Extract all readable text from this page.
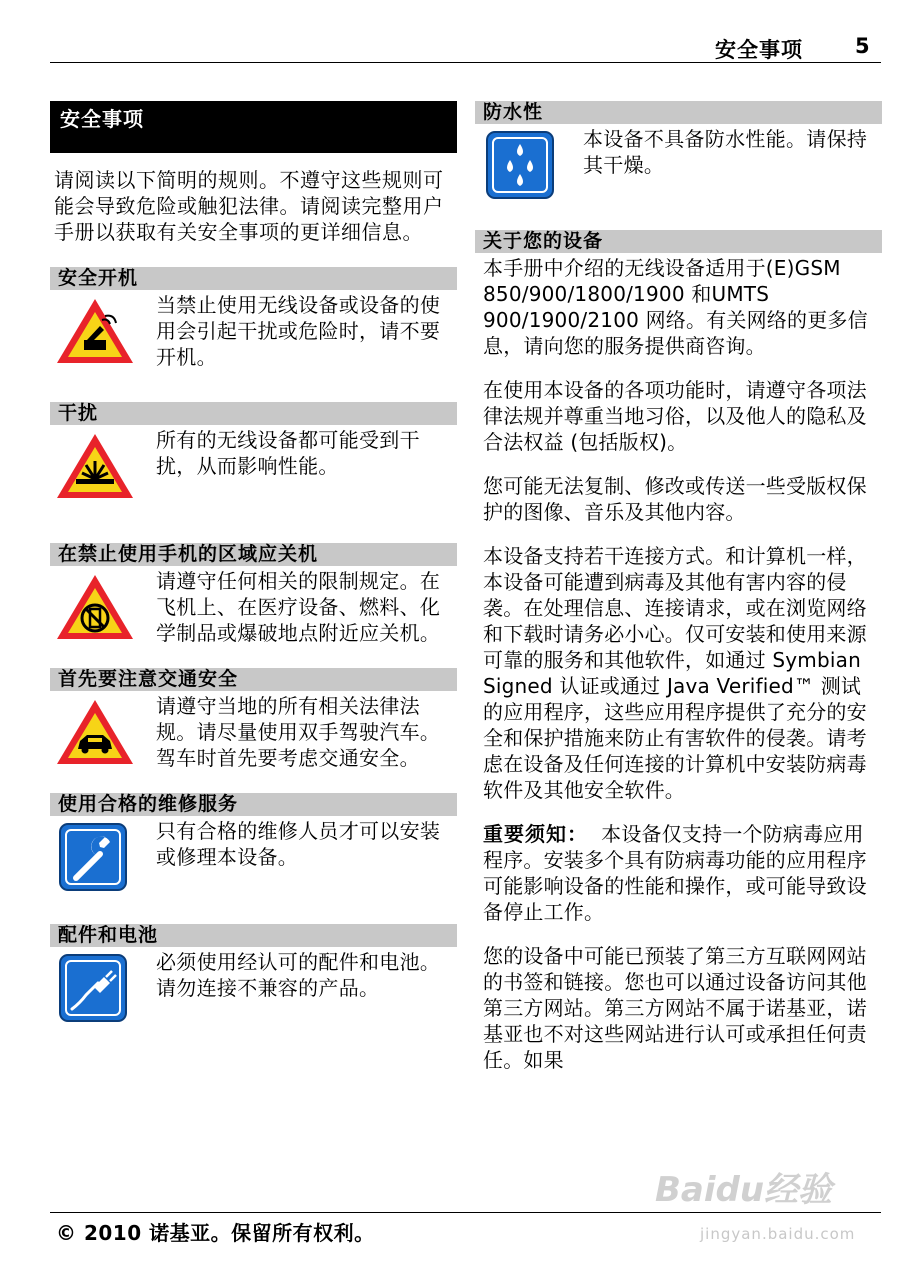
安全事项 5
安全事项
请阅读以下简明的规则。不遵守这些规则可能会导致危险或触犯法律。请阅读完整用户手册以获取有关安全事项的更详细信息。
安全开机
当禁止使用无线设备或设备的使用会引起干扰或危险时，请不要开机。
干扰
所有的无线设备都可能受到干扰，从而影响性能。
在禁止使用手机的区域应关机
请遵守任何相关的限制规定。在飞机上、在医疗设备、燃料、化学制品或爆破地点附近应关机。
首先要注意交通安全
请遵守当地的所有相关法律法规。请尽量使用双手驾驶汽车。驾车时首先要考虑交通安全。
使用合格的维修服务
只有合格的维修人员才可以安装或修理本设备。
配件和电池
必须使用经认可的配件和电池。请勿连接不兼容的产品。
防水性
本设备不具备防水性能。请保持其干燥。
关于您的设备
本手册中介绍的无线设备适用于(E)GSM 850/900/1800/1900 和UMTS 900/1900/2100 网络。有关网络的更多信息，请向您的服务提供商咨询。
在使用本设备的各项功能时，请遵守各项法律法规并尊重当地习俗，以及他人的隐私及合法权益 (包括版权)。
您可能无法复制、修改或传送一些受版权保护的图像、音乐及其他内容。
本设备支持若干连接方式。和计算机一样，本设备可能遭到病毒及其他有害内容的侵袭。在处理信息、连接请求，或在浏览网络和下载时请务必小心。仅可安装和使用来源可靠的服务和其他软件，如通过 Symbian Signed 认证或通过 Java Verified™ 测试的应用程序，这些应用程序提供了充分的安全和保护措施来防止有害软件的侵袭。请考虑在设备及任何连接的计算机中安装防病毒软件及其他安全软件。
重要须知： 本设备仅支持一个防病毒应用程序。安装多个具有防病毒功能的应用程序可能影响设备的性能和操作，或可能导致设备停止工作。
您的设备中可能已预装了第三方互联网网站的书签和链接。您也可以通过设备访问其他第三方网站。第三方网站不属于诺基亚，诺基亚也不对这些网站进行认可或承担任何责任。如果
Baidu经验
© 2010 诺基亚。保留所有权利。	jingyan.baidu.com
